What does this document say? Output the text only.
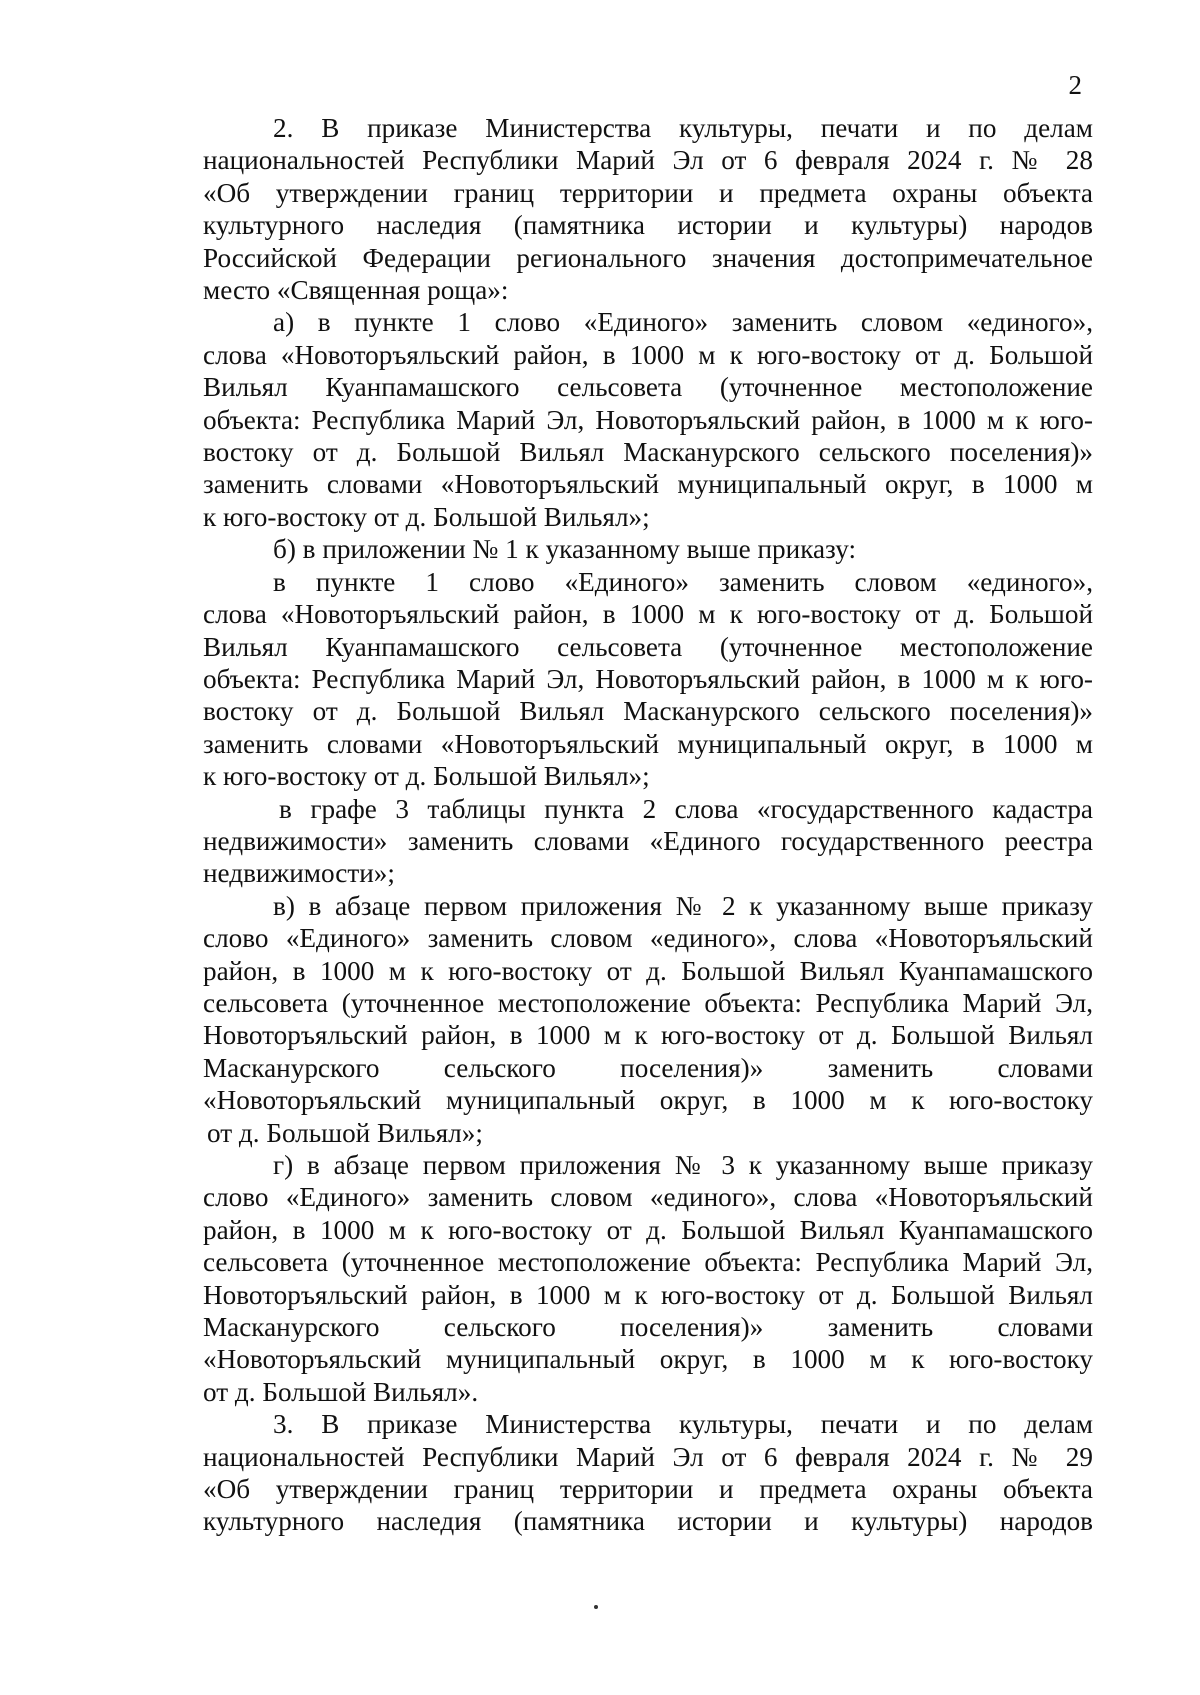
2
2. В приказе Министерства культуры, печати и по делам
национальностей Республики Марий Эл от 6 февраля 2024 г. № 28
«Об утверждении границ территории и предмета охраны объекта
культурного наследия (памятника истории и культуры) народов
Российской Федерации регионального значения достопримечательное
место «Священная роща»:
а) в пункте 1 слово «Единого» заменить словом «единого»,
слова «Новоторъяльский район, в 1000 м к юго-востоку от д. Большой
Вильял Куанпамашского сельсовета (уточненное местоположение
объекта: Республика Марий Эл, Новоторъяльский район, в 1000 м к юго-
востоку от д. Большой Вильял Масканурского сельского поселения)»
заменить словами «Новоторъяльский муниципальный округ, в 1000 м
к юго-востоку от д. Большой Вильял»;
б) в приложении № 1 к указанному выше приказу:
в пункте 1 слово «Единого» заменить словом «единого»,
слова «Новоторъяльский район, в 1000 м к юго-востоку от д. Большой
Вильял Куанпамашского сельсовета (уточненное местоположение
объекта: Республика Марий Эл, Новоторъяльский район, в 1000 м к юго-
востоку от д. Большой Вильял Масканурского сельского поселения)»
заменить словами «Новоторъяльский муниципальный округ, в 1000 м
к юго-востоку от д. Большой Вильял»;
в графе 3 таблицы пункта 2 слова «государственного кадастра
недвижимости» заменить словами «Единого государственного реестра
недвижимости»;
в) в абзаце первом приложения № 2 к указанному выше приказу
слово «Единого» заменить словом «единого», слова «Новоторъяльский
район, в 1000 м к юго-востоку от д. Большой Вильял Куанпамашского
сельсовета (уточненное местоположение объекта: Республика Марий Эл,
Новоторъяльский район, в 1000 м к юго-востоку от д. Большой Вильял
Масканурского сельского поселения)» заменить словами
«Новоторъяльский муниципальный округ, в 1000 м к юго-востоку
от д. Большой Вильял»;
г) в абзаце первом приложения № 3 к указанному выше приказу
слово «Единого» заменить словом «единого», слова «Новоторъяльский
район, в 1000 м к юго-востоку от д. Большой Вильял Куанпамашского
сельсовета (уточненное местоположение объекта: Республика Марий Эл,
Новоторъяльский район, в 1000 м к юго-востоку от д. Большой Вильял
Масканурского сельского поселения)» заменить словами
«Новоторъяльский муниципальный округ, в 1000 м к юго-востоку
от д. Большой Вильял».
3. В приказе Министерства культуры, печати и по делам
национальностей Республики Марий Эл от 6 февраля 2024 г. № 29
«Об утверждении границ территории и предмета охраны объекта
культурного наследия (памятника истории и культуры) народов
